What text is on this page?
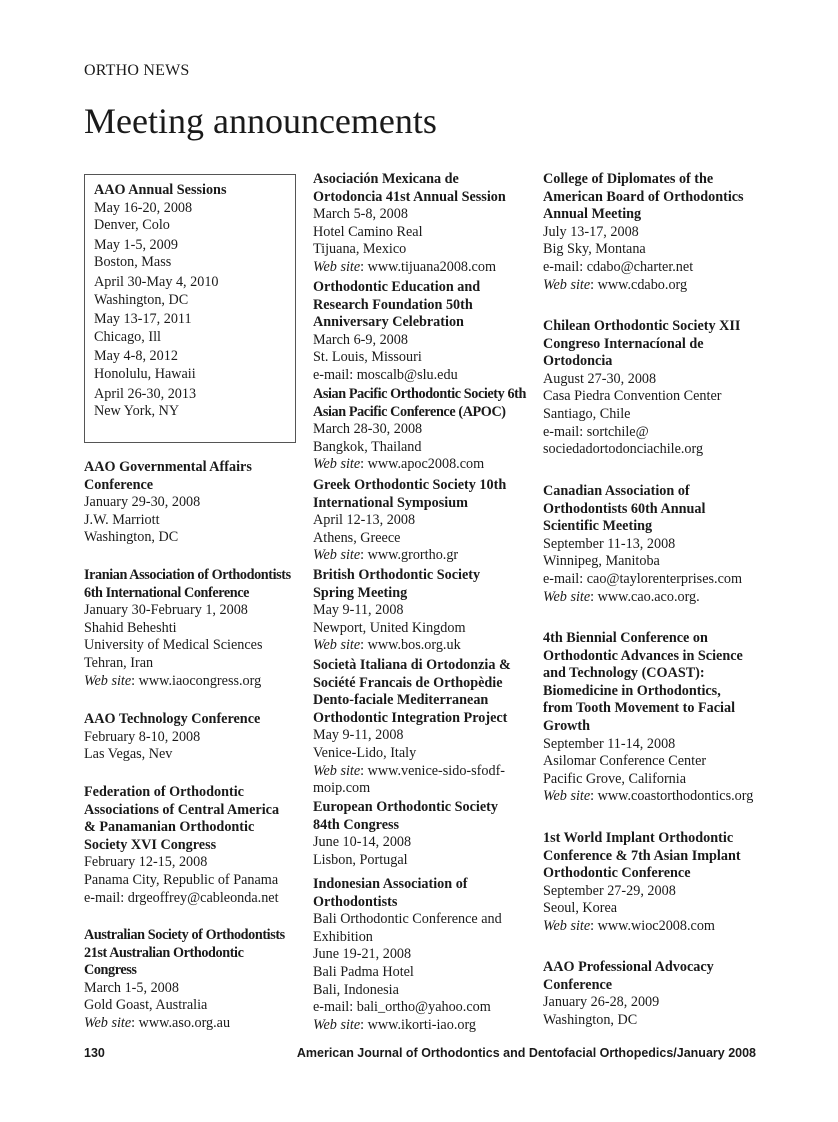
ORTHO NEWS
Meeting announcements
AAO Annual Sessions
May 16-20, 2008
Denver, Colo
May 1-5, 2009
Boston, Mass
April 30-May 4, 2010
Washington, DC
May 13-17, 2011
Chicago, Ill
May 4-8, 2012
Honolulu, Hawaii
April 26-30, 2013
New York, NY
130	American Journal of Orthodontics and Dentofacial Orthopedics/January 2008
AAO Governmental Affairs
Conference
January 29-30, 2008
J.W. Marriott
Washington, DC
Iranian Association of Orthodontists
6th International Conference
January 30-February 1, 2008
Shahid Beheshti
University of Medical Sciences
Tehran, Iran
Web site : www.iaocongress.org
AAO Technology Conference
February 8-10, 2008
Las Vegas, Nev
Federation of Orthodontic
Associations of Central America
& Panamanian Orthodontic
Society XVI Congress
February 12-15, 2008
Panama City, Republic of Panama
e-mail: drgeoffrey@cableonda.net
Australian Society of Orthodontists
21st Australian Orthodontic
Congress
March 1-5, 2008
Gold Goast, Australia
Web site : www.aso.org.au
Asociación Mexicana de
Ortodoncia 41st Annual Session
March 5-8, 2008
Hotel Camino Real
Tijuana, Mexico
Web site : www.tijuana2008.com
Orthodontic Education and
Research Foundation 50th
Anniversary Celebration
March 6-9, 2008
St. Louis, Missouri
e-mail: moscalb@slu.edu
Asian Pacific Orthodontic Society 6th
Asian Pacific Conference (APOC)
March 28-30, 2008
Bangkok, Thailand
Web site : www.apoc2008.com
Greek Orthodontic Society 10th
International Symposium
April 12-13, 2008
Athens, Greece
Web site : www.grortho.gr
British Orthodontic Society
Spring Meeting
May 9-11, 2008
Newport, United Kingdom
Web site : www.bos.org.uk
Società Italiana di Ortodonzia &
Société Francais de Orthopèdie
Dento-faciale Mediterranean
Orthodontic Integration Project
May 9-11, 2008
Venice-Lido, Italy
Web site : www.venice-sido-sfodf-
moip.com
European Orthodontic Society
84th Congress
June 10-14, 2008
Lisbon, Portugal
Indonesian Association of
Orthodontists
Bali Orthodontic Conference and
Exhibition
June 19-21, 2008
Bali Padma Hotel
Bali, Indonesia
e-mail: bali_ortho@yahoo.com
Web site : www.ikorti-iao.org
College of Diplomates of the
American Board of Orthodontics
Annual Meeting
July 13-17, 2008
Big Sky, Montana
e-mail: cdabo@charter.net
Web site : www.cdabo.org
Chilean Orthodontic Society XII
Congreso Internacíonal de
Ortodoncia
August 27-30, 2008
Casa Piedra Convention Center
Santiago, Chile
e-mail: sortchile@
sociedadortodonciachile.org
Canadian Association of
Orthodontists 60th Annual
Scientific Meeting
September 11-13, 2008
Winnipeg, Manitoba
e-mail: cao@taylorenterprises.com
Web site : www.cao.aco.org.
4th Biennial Conference on
Orthodontic Advances in Science
and Technology (COAST):
Biomedicine in Orthodontics,
from Tooth Movement to Facial
Growth
September 11-14, 2008
Asilomar Conference Center
Pacific Grove, California
Web site : www.coastorthodontics.org
1st World Implant Orthodontic
Conference & 7th Asian Implant
Orthodontic Conference
September 27-29, 2008
Seoul, Korea
Web site : www.wioc2008.com
AAO Professional Advocacy
Conference
January 26-28, 2009
Washington, DC
